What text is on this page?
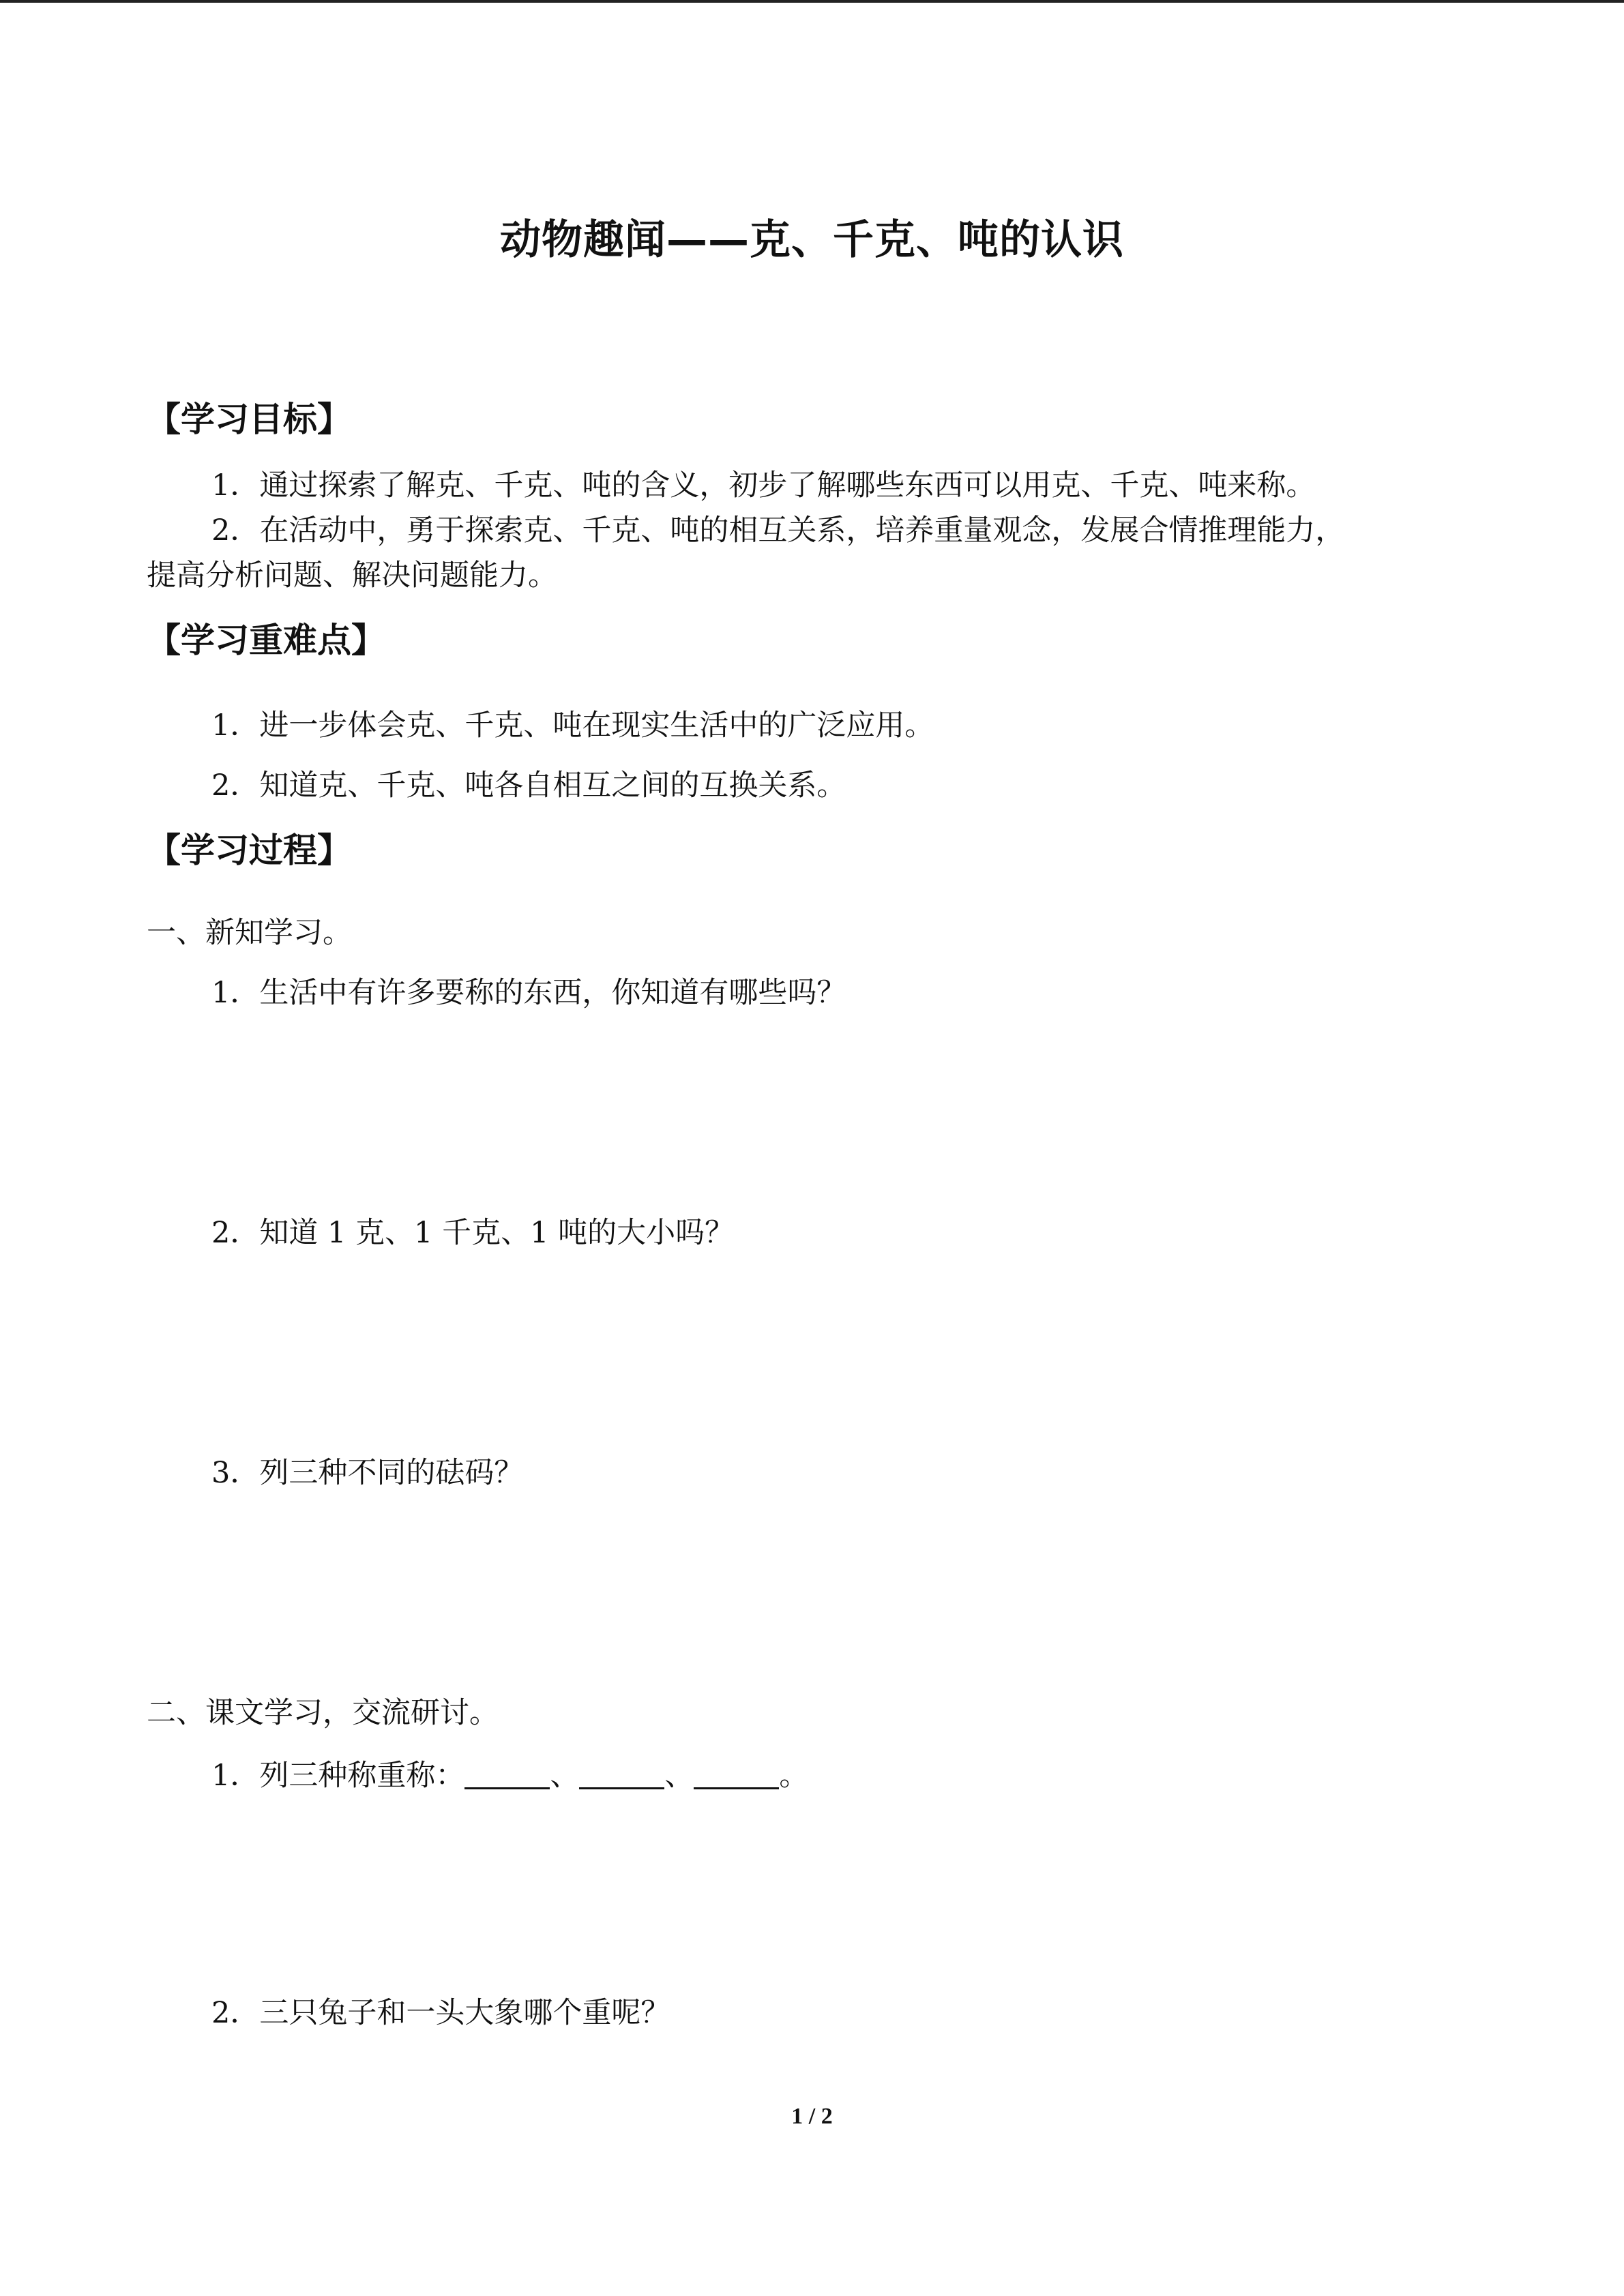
动物趣闻——克、千克、吨的认识
【学习目标】
1．通过探索了解克、千克、吨的含义，初步了解哪些东西可以用克、千克、吨来称。
2．在活动中，勇于探索克、千克、吨的相互关系，培养重量观念，发展合情推理能力，
提高分析问题、解决问题能力。
【学习重难点】
1．进一步体会克、千克、吨在现实生活中的广泛应用。
2．知道克、千克、吨各自相互之间的互换关系。
【学习过程】
一、新知学习。
1．生活中有许多要称的东西，你知道有哪些吗？
2．知道 1 克、1 千克、1 吨的大小吗？
3．列三种不同的砝码？
二、课文学习，交流研讨。
1．列三种称重称：	、	、	。
2．三只兔子和一头大象哪个重呢？
1 / 2
